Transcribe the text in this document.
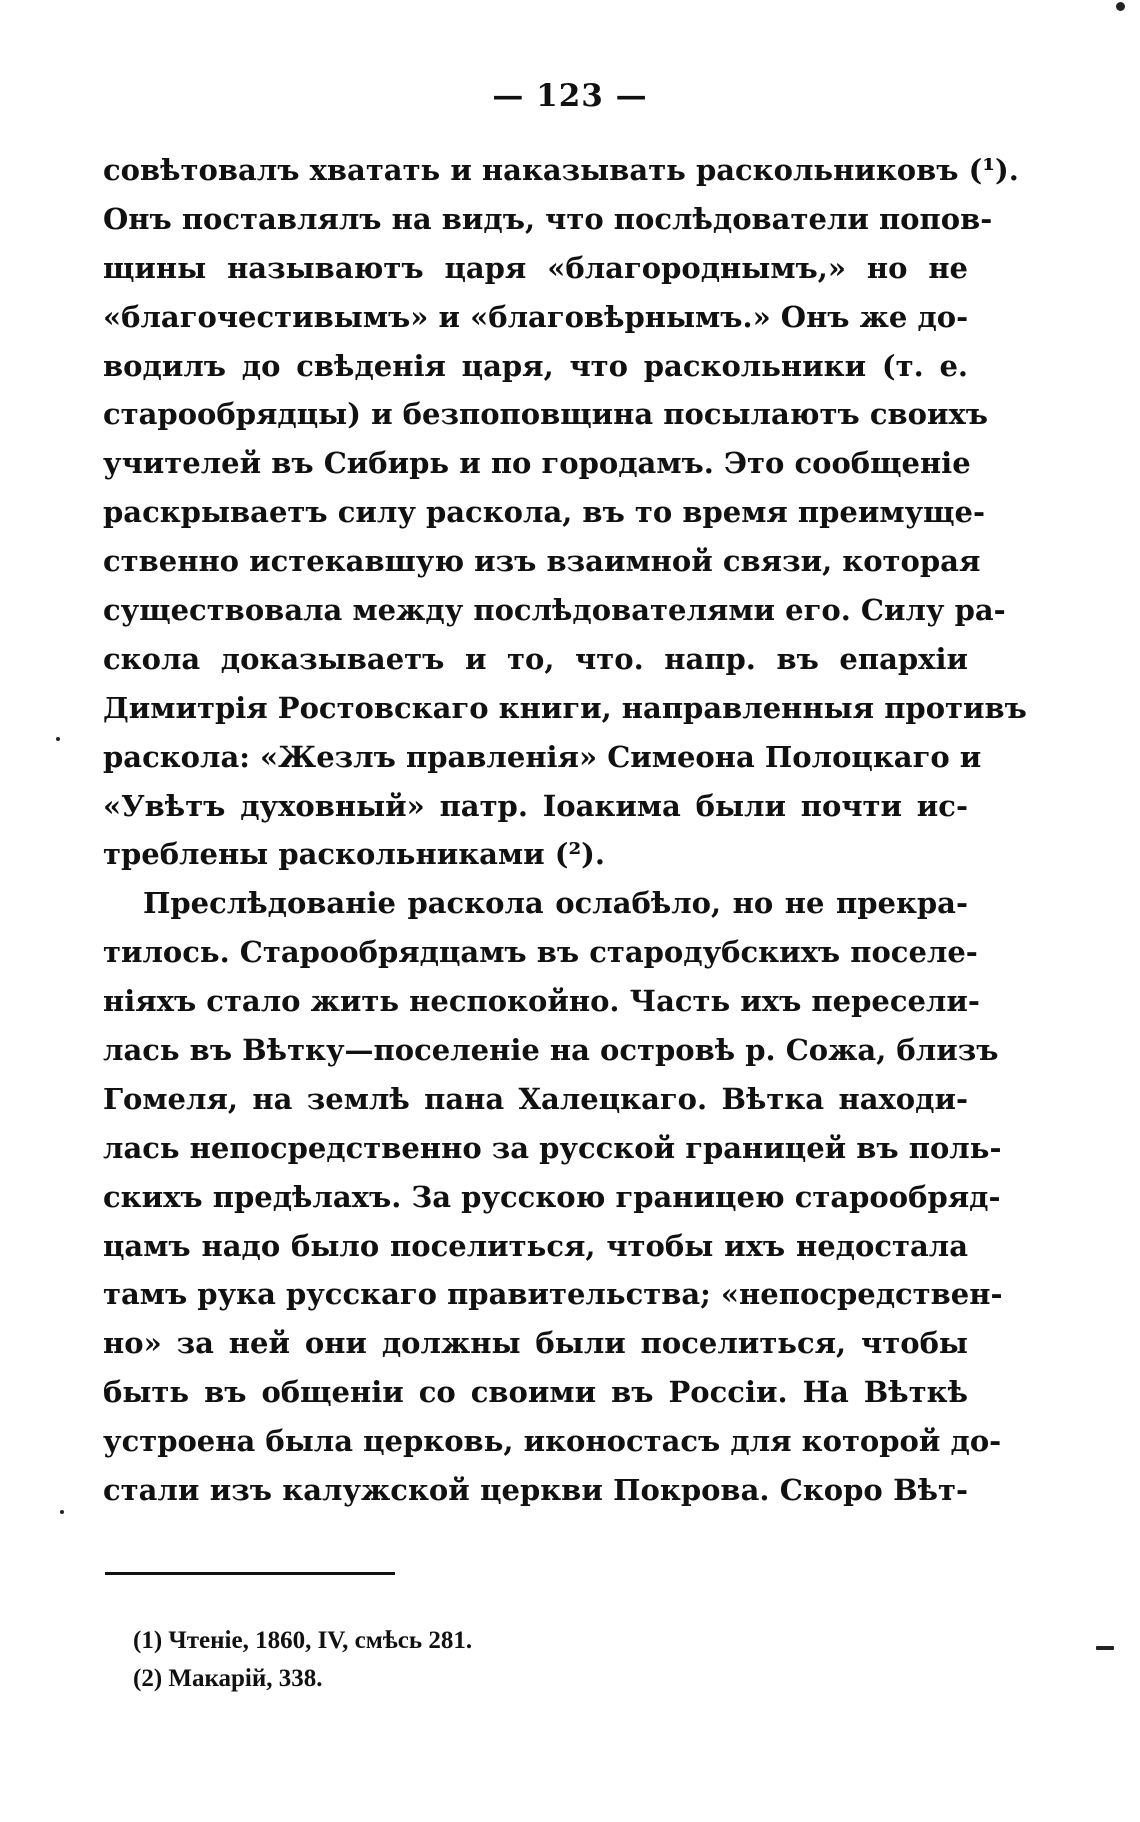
— 123 —
совѣтовалъ хватать и наказывать раскольниковъ (¹).
Онъ поставлялъ на видъ, что послѣдователи попов-
щины называютъ царя «благороднымъ,» но не
«благочестивымъ» и «благовѣрнымъ.» Онъ же до-
водилъ до свѣденія царя, что раскольники (т. е.
старообрядцы) и безпоповщина посылаютъ своихъ
учителей въ Сибирь и по городамъ. Это сообщеніе
раскрываетъ силу раскола, въ то время преимуще-
ственно истекавшую изъ взаимной связи, которая
существовала между послѣдователями его. Силу ра-
скола доказываетъ и то, что. напр. въ епархіи
Димитрія Ростовскаго книги, направленныя противъ
раскола: «Жезлъ правленія» Симеона Полоцкаго и
«Увѣтъ духовный» патр. Іоакима были почти ис-
треблены раскольниками (²).
Преслѣдованіе раскола ослабѣло, но не прекра-
тилось. Старообрядцамъ въ стародубскихъ поселе-
ніяхъ стало жить неспокойно. Часть ихъ пересели-
лась въ Вѣтку—поселеніе на островѣ р. Сожа, близъ
Гомеля, на землѣ пана Халецкаго. Вѣтка находи-
лась непосредственно за русской границей въ поль-
скихъ предѣлахъ. За русскою границею старообряд-
цамъ надо было поселиться, чтобы ихъ недостала
тамъ рука русскаго правительства; «непосредствен-
но» за ней они должны были поселиться, чтобы
быть въ общеніи со своими въ Россіи. На Вѣткѣ
устроена была церковь, иконостасъ для которой до-
стали изъ калужской церкви Покрова. Скоро Вѣт-
(1) Чтеніе, 1860, IV, смѣсь 281.
(2) Макарій, 338.
